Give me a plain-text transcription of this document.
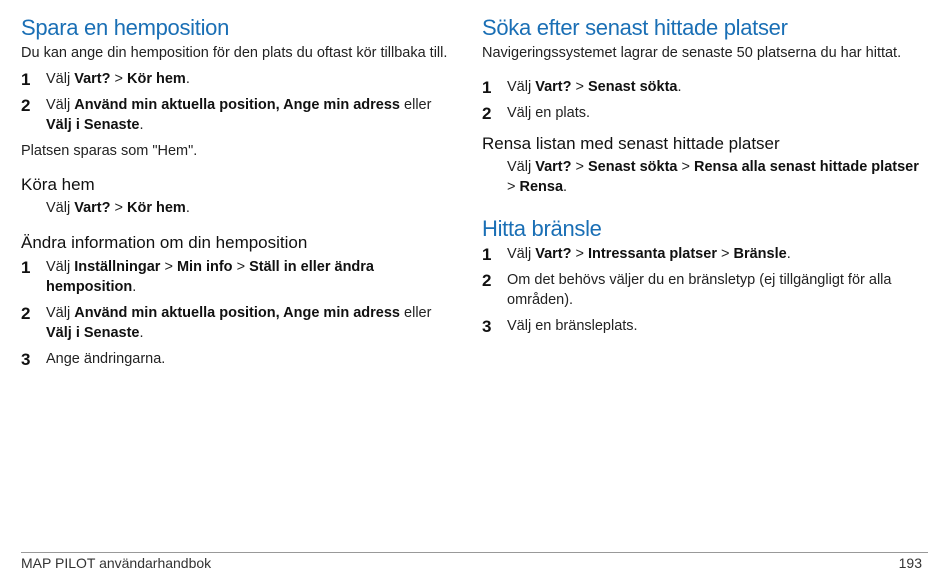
Spara en hemposition

Du kan ange din hemposition för den plats du oftast kör tillbaka till.

1 Välj Vart? > Kör hem.
2 Välj Använd min aktuella position, Ange min adress eller Välj i Senaste.

Platsen sparas som "Hem".

Köra hem
Välj Vart? > Kör hem.
Ändra information om din hemposition
1 Välj Inställningar > Min info > Ställ in eller ändra hemposition.
2 Välj Använd min aktuella position, Ange min adress eller Välj i Senaste.
3 Ange ändringarna.
Söka efter senast hittade platser

Navigeringssystemet lagrar de senaste 50 platserna du har hittat.

1 Välj Vart? > Senast sökta.
2 Välj en plats.
Rensa listan med senast hittade platser
Välj Vart? > Senast sökta > Rensa alla senast hittade platser > Rensa.
Hitta bränsle
1 Välj Vart? > Intressanta platser > Bränsle.
2 Om det behövs väljer du en bränsletyp (ej tillgängligt för alla områden).
3 Välj en bränsleplats.
MAP PILOT användarhandbok	193
